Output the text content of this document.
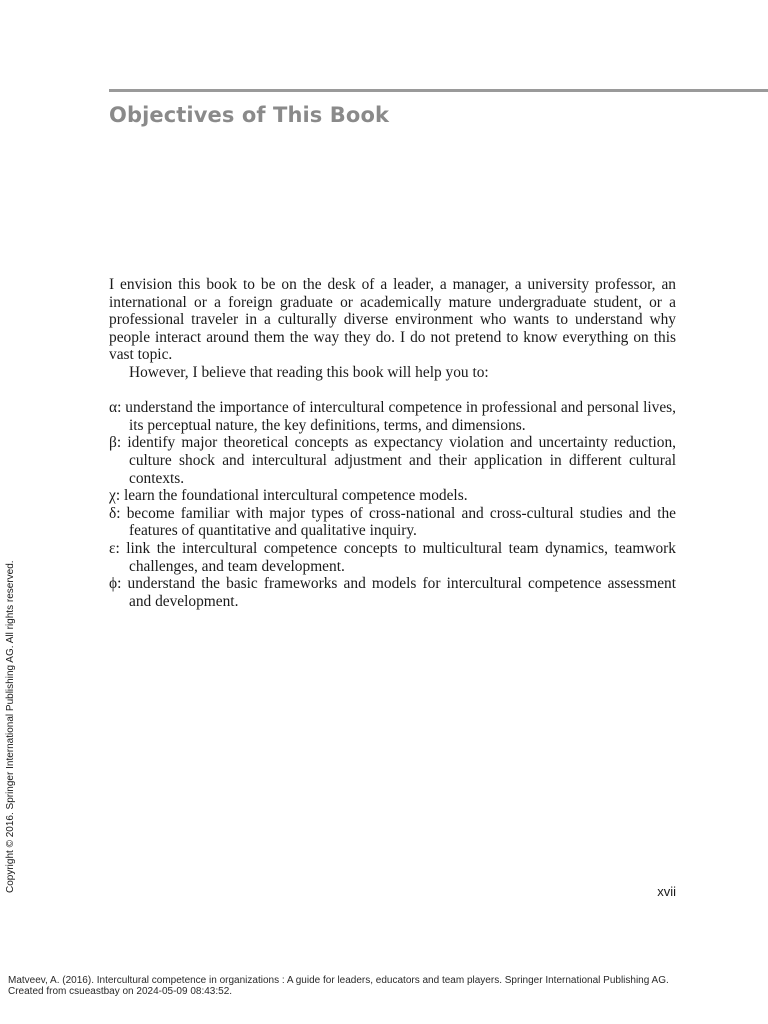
Objectives of This Book

I envision this book to be on the desk of a leader, a manager, a university professor, an international or a foreign graduate or academically mature undergraduate student, or a professional traveler in a culturally diverse environment who wants to understand why people interact around them the way they do. I do not pretend to know everything on this vast topic.

However, I believe that reading this book will help you to:

α: understand the importance of intercultural competence in professional and personal lives, its perceptual nature, the key definitions, terms, and dimensions.
β: identify major theoretical concepts as expectancy violation and uncertainty reduction, culture shock and intercultural adjustment and their application in different cultural contexts.
χ: learn the foundational intercultural competence models.
δ: become familiar with major types of cross-national and cross-cultural studies and the features of quantitative and qualitative inquiry.
ε: link the intercultural competence concepts to multicultural team dynamics, teamwork challenges, and team development.
ϕ: understand the basic frameworks and models for intercultural competence assessment and development.
xvii
Copyright © 2016. Springer International Publishing AG. All rights reserved.
Matveev, A. (2016). Intercultural competence in organizations : A guide for leaders, educators and team players. Springer International Publishing AG.
Created from csueastbay on 2024-05-09 08:43:52.
